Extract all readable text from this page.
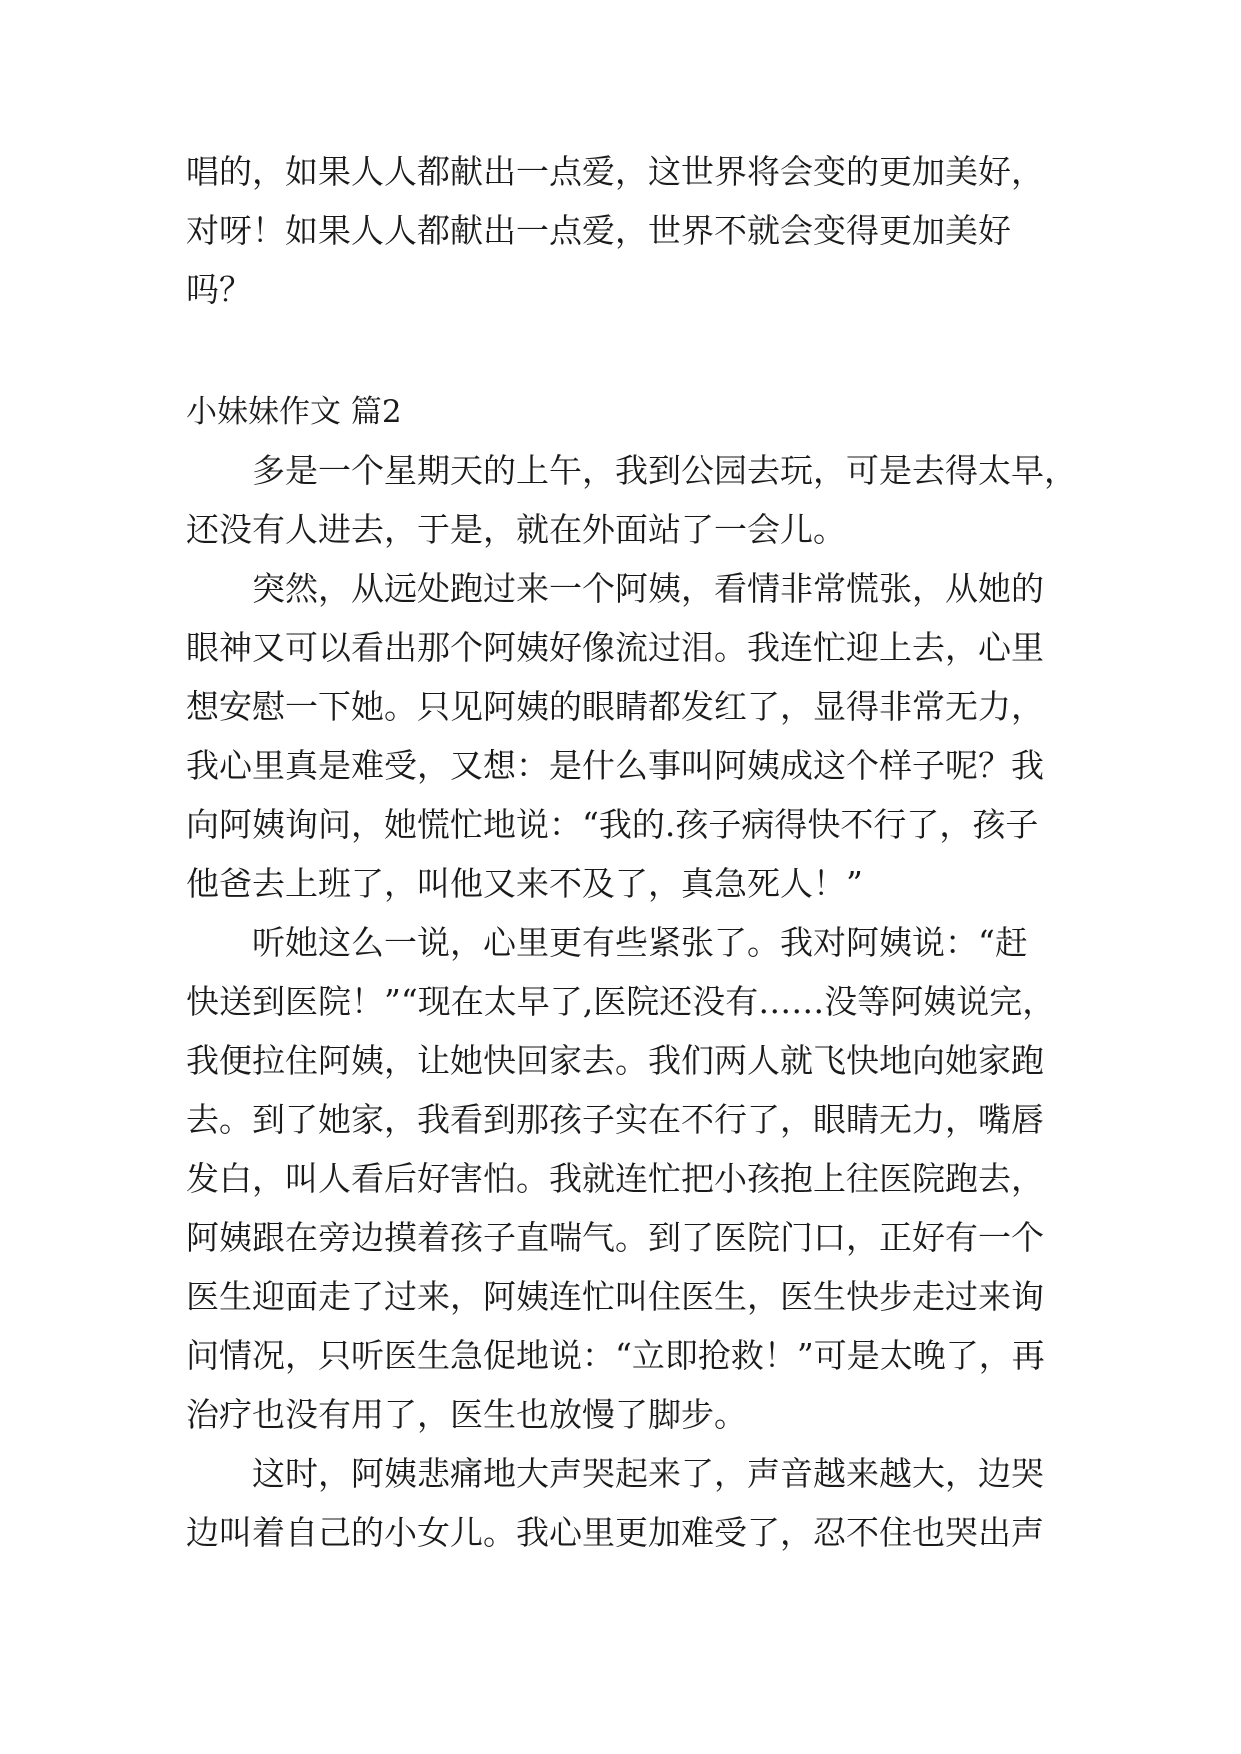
唱的，如果人人都献出一点爱，这世界将会变的更加美好，

对呀！如果人人都献出一点爱，世界不就会变得更加美好

吗？

小妹妹作文 篇2

　　多是一个星期天的上午，我到公园去玩，可是去得太早，

还没有人进去，于是，就在外面站了一会儿。

　　突然，从远处跑过来一个阿姨，看情非常慌张，从她的

眼神又可以看出那个阿姨好像流过泪。我连忙迎上去，心里

想安慰一下她。只见阿姨的眼睛都发红了，显得非常无力，

我心里真是难受，又想：是什么事叫阿姨成这个样子呢？我

向阿姨询问，她慌忙地说：“我的.孩子病得快不行了，孩子

他爸去上班了，叫他又来不及了，真急死人！”

　　听她这么一说，心里更有些紧张了。我对阿姨说：“赶

快送到医院！”“现在太早了,医院还没有……没等阿姨说完，

我便拉住阿姨，让她快回家去。我们两人就飞快地向她家跑

去。到了她家，我看到那孩子实在不行了，眼睛无力，嘴唇

发白，叫人看后好害怕。我就连忙把小孩抱上往医院跑去，

阿姨跟在旁边摸着孩子直喘气。到了医院门口，正好有一个

医生迎面走了过来，阿姨连忙叫住医生，医生快步走过来询

问情况，只听医生急促地说：“立即抢救！”可是太晚了，再

治疗也没有用了，医生也放慢了脚步。

　　这时，阿姨悲痛地大声哭起来了，声音越来越大，边哭

边叫着自己的小女儿。我心里更加难受了，忍不住也哭出声
